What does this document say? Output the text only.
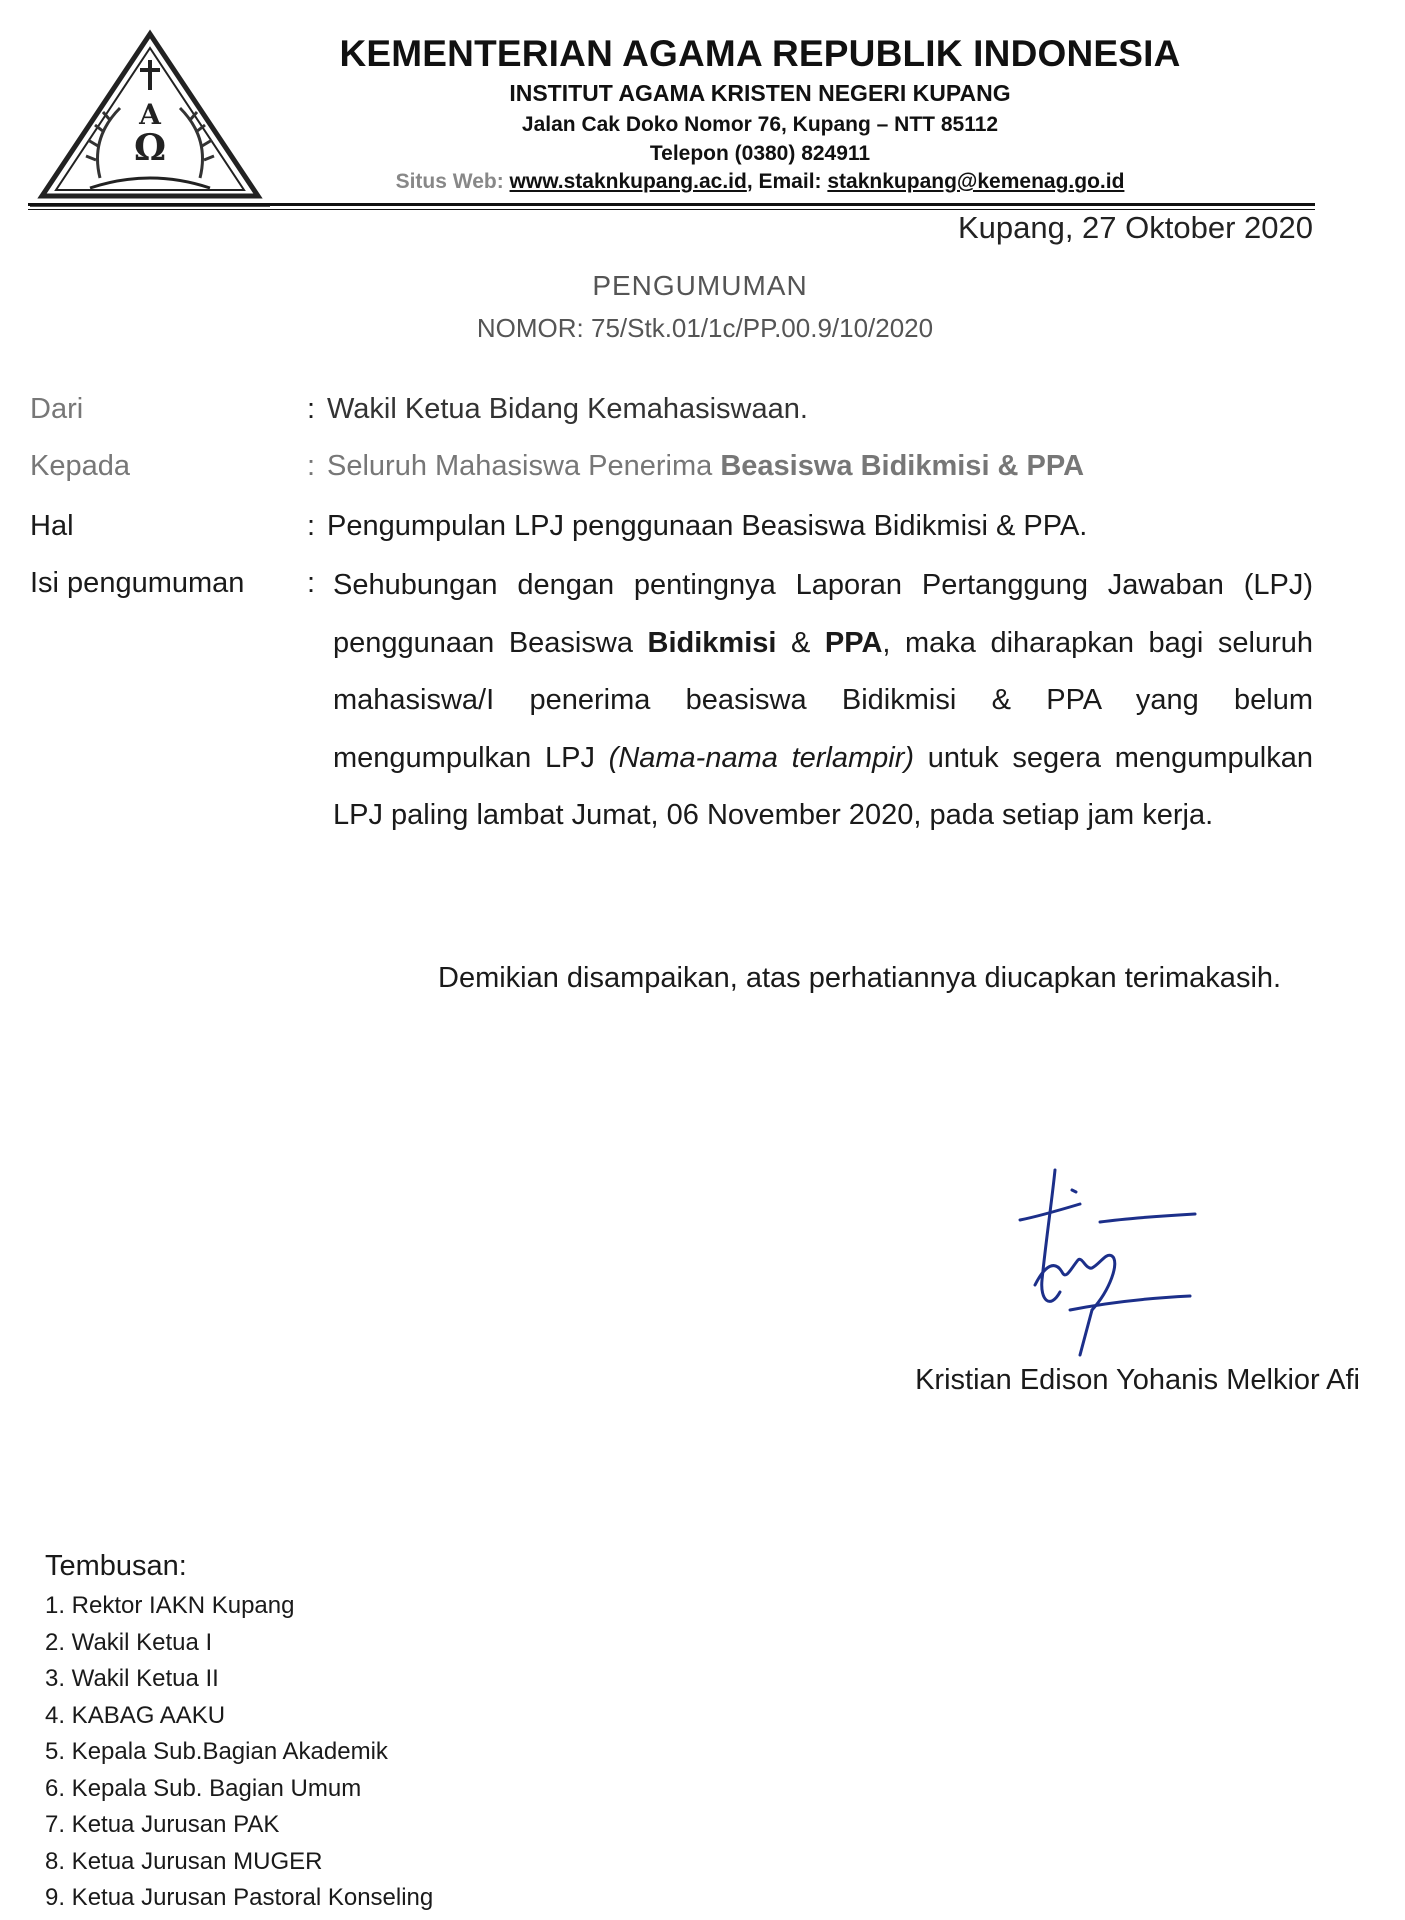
A
Ω
KEMENTERIAN AGAMA REPUBLIK INDONESIA
INSTITUT AGAMA KRISTEN NEGERI KUPANG
Jalan Cak Doko Nomor 76, Kupang – NTT 85112
Telepon (0380) 824911
Situs Web: www.staknkupang.ac.id, Email: staknkupang@kemenag.go.id
Kupang, 27 Oktober 2020
PENGUMUMAN
NOMOR: 75/Stk.01/1c/PP.00.9/10/2020
Dari	: Wakil Ketua Bidang Kemahasiswaan.
Kepada	: Seluruh Mahasiswa Penerima Beasiswa Bidikmisi & PPA
Hal	: Pengumpulan LPJ penggunaan Beasiswa Bidikmisi & PPA.
Isi pengumuman : Sehubungan dengan pentingnya Laporan Pertanggung Jawaban (LPJ) penggunaan Beasiswa Bidikmisi & PPA, maka diharapkan bagi seluruh mahasiswa/I penerima beasiswa Bidikmisi & PPA yang belum mengumpulkan LPJ (Nama-nama terlampir) untuk segera mengumpulkan LPJ paling lambat Jumat, 06 November 2020, pada setiap jam kerja.
Demikian disampaikan, atas perhatiannya diucapkan terimakasih.
Kristian Edison Yohanis Melkior Afi
Tembusan:
1. Rektor IAKN Kupang
2. Wakil Ketua I
3. Wakil Ketua II
4. KABAG AAKU
5. Kepala Sub.Bagian Akademik
6. Kepala Sub. Bagian Umum
7. Ketua Jurusan PAK
8. Ketua Jurusan MUGER
9. Ketua Jurusan Pastoral Konseling
